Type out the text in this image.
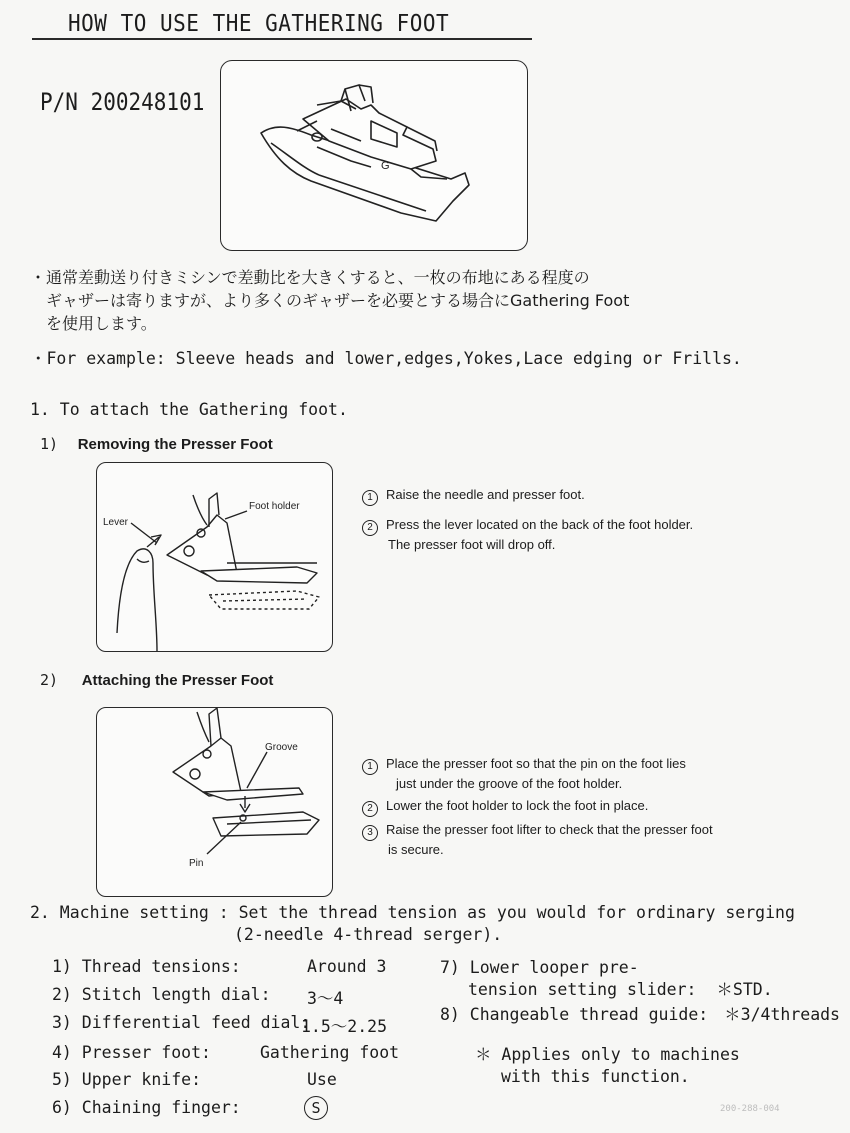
HOW TO USE THE GATHERING FOOT
P/N 200248101
G
・通常差動送り付きミシンで差動比を大きくすると、一枚の布地にある程度の
　ギャザーは寄りますが、より多くのギャザーを必要とする場合にGathering Foot
　を使用します。
・For example: Sleeve heads and lower,edges,Yokes,Lace edging or Frills.
1. To attach the Gathering foot.
1) Removing the Presser Foot
Lever
Foot holder
1 Raise the needle and presser foot.
2 Press the lever located on the back of the foot holder.
The presser foot will drop off.
2) Attaching the Presser Foot
Groove
Pin
1 Place the presser foot so that the pin on the foot lies
just under the groove of the foot holder.
2 Lower the foot holder to lock the foot in place.
3 Raise the presser foot lifter to check that the presser foot
is secure.
2. Machine setting : Set the thread tension as you would for ordinary serging
(2-needle 4-thread serger).
1) Thread tensions:	Around 3
2) Stitch length dial: 3～4
3) Differential feed dial:
1.5～2.25
4) Presser foot:	Gathering foot
5) Upper knife:	Use
6) Chaining finger:	S
7) Lower looper pre-
tension setting slider: ＊STD.
8) Changeable thread guide: ＊3/4threads
＊ Applies only to machines
with this function.
200-288-004
